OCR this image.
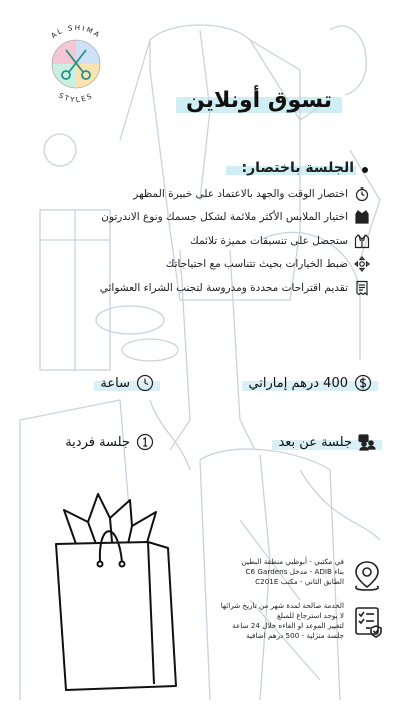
AL SHIMA
STYLES	تسوق أونلاين
الجلسة باختصار:
اختصار الوقت والجهد بالاعتماد على خبيرة المظهر
اختيار الملابس الأكثر ملائمة لشكل جسمك ونوع الاندرتون
ستحصل على تنسيقات مميزة تلائمك
ضبط الخيارات بحيث تتناسب مع احتياجاتك
تقديم اقتراحات محددة ومدروسة لتجنب الشراء العشوائي
400 درهم إماراتي
ساعة
جلسة عن بعد
جلسة فردية
في مكتبي - أبوظبي منطقة البطين
بناء ADIB - مدخل C6 Gardens
الطابق الثاني - مكتب C201E
الخدمة صالحة لمدة شهر من تاريخ شرائها
لا يوجد استرجاع للمبلغ
لتغيير الموعد او الغاءه خلال 24 ساعة
جلسة منزلية - 500 درهم اضافية
